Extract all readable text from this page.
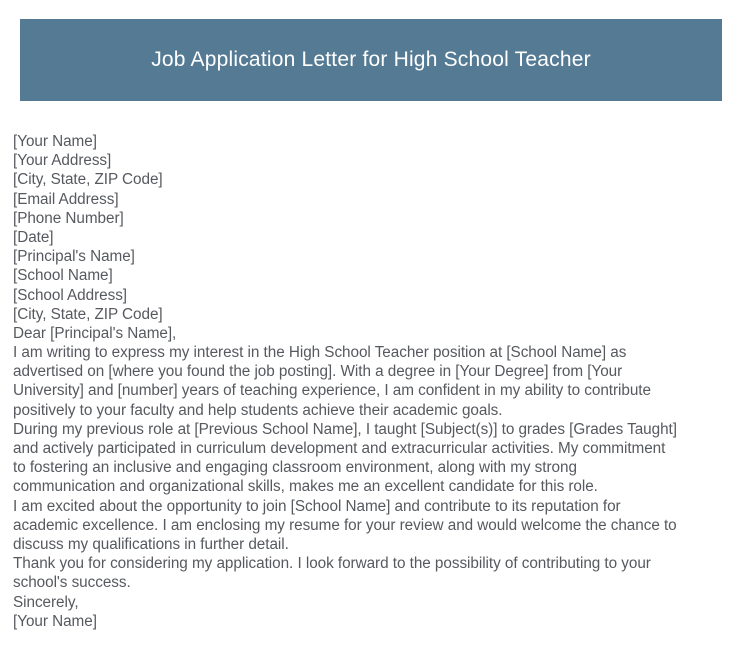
Job Application Letter for High School Teacher
[Your Name]
[Your Address]
[City, State, ZIP Code]
[Email Address]
[Phone Number]
[Date]
[Principal's Name]
[School Name]
[School Address]
[City, State, ZIP Code]
Dear [Principal's Name],
I am writing to express my interest in the High School Teacher position at [School Name] as
advertised on [where you found the job posting]. With a degree in [Your Degree] from [Your
University] and [number] years of teaching experience, I am confident in my ability to contribute
positively to your faculty and help students achieve their academic goals.
During my previous role at [Previous School Name], I taught [Subject(s)] to grades [Grades Taught]
and actively participated in curriculum development and extracurricular activities. My commitment
to fostering an inclusive and engaging classroom environment, along with my strong
communication and organizational skills, makes me an excellent candidate for this role.
I am excited about the opportunity to join [School Name] and contribute to its reputation for
academic excellence. I am enclosing my resume for your review and would welcome the chance to
discuss my qualifications in further detail.
Thank you for considering my application. I look forward to the possibility of contributing to your
school's success.
Sincerely,
[Your Name]
